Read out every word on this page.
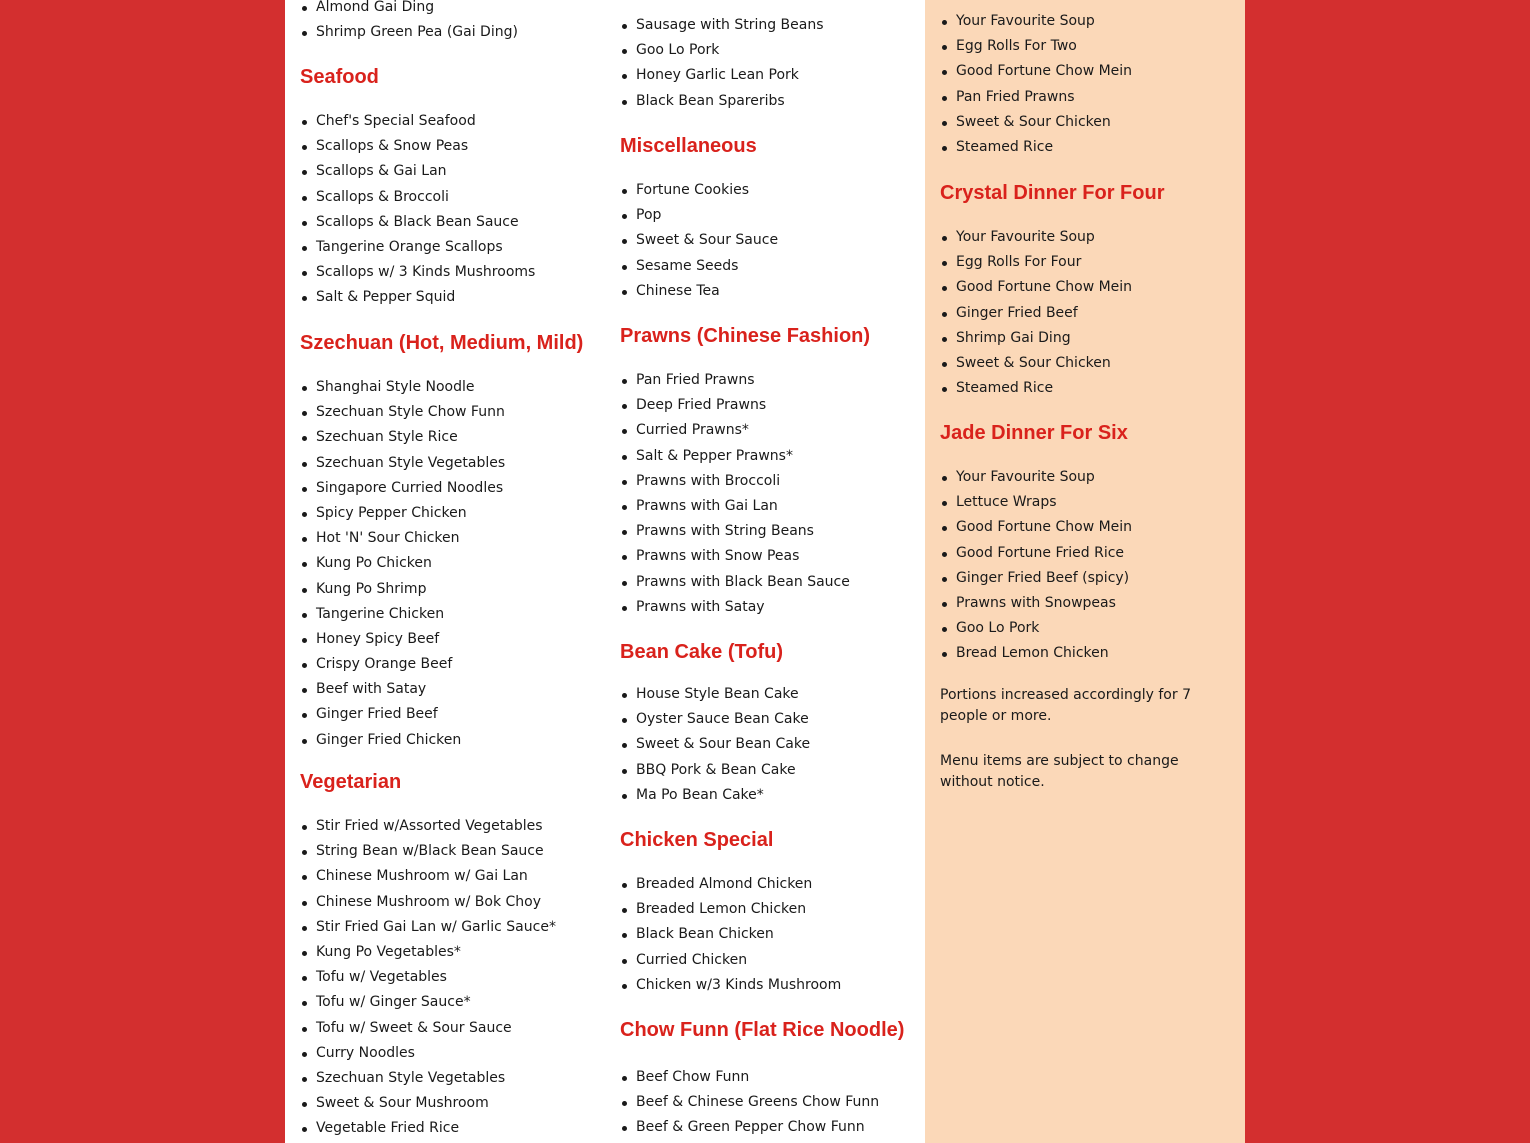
Almond Gai Ding
Shrimp Green Pea (Gai Ding)
Seafood
Chef's Special Seafood
Scallops & Snow Peas
Scallops & Gai Lan
Scallops & Broccoli
Scallops & Black Bean Sauce
Tangerine Orange Scallops
Scallops w/ 3 Kinds Mushrooms
Salt & Pepper Squid
Szechuan (Hot, Medium, Mild)
Shanghai Style Noodle
Szechuan Style Chow Funn
Szechuan Style Rice
Szechuan Style Vegetables
Singapore Curried Noodles
Spicy Pepper Chicken
Hot 'N' Sour Chicken
Kung Po Chicken
Kung Po Shrimp
Tangerine Chicken
Honey Spicy Beef
Crispy Orange Beef
Beef with Satay
Ginger Fried Beef
Ginger Fried Chicken
Vegetarian
Stir Fried w/Assorted Vegetables
String Bean w/Black Bean Sauce
Chinese Mushroom w/ Gai Lan
Chinese Mushroom w/ Bok Choy
Stir Fried Gai Lan w/ Garlic Sauce*
Kung Po Vegetables*
Tofu w/ Vegetables
Tofu w/ Ginger Sauce*
Tofu w/ Sweet & Sour Sauce
Curry Noodles
Szechuan Style Vegetables
Sweet & Sour Mushroom
Vegetable Fried Rice
Sausage with String Beans
Goo Lo Pork
Honey Garlic Lean Pork
Black Bean Spareribs
Miscellaneous
Fortune Cookies
Pop
Sweet & Sour Sauce
Sesame Seeds
Chinese Tea
Prawns (Chinese Fashion)
Pan Fried Prawns
Deep Fried Prawns
Curried Prawns*
Salt & Pepper Prawns*
Prawns with Broccoli
Prawns with Gai Lan
Prawns with String Beans
Prawns with Snow Peas
Prawns with Black Bean Sauce
Prawns with Satay
Bean Cake (Tofu)
House Style Bean Cake
Oyster Sauce Bean Cake
Sweet & Sour Bean Cake
BBQ Pork & Bean Cake
Ma Po Bean Cake*
Chicken Special
Breaded Almond Chicken
Breaded Lemon Chicken
Black Bean Chicken
Curried Chicken
Chicken w/3 Kinds Mushroom
Chow Funn (Flat Rice Noodle)
Beef Chow Funn
Beef & Chinese Greens Chow Funn
Beef & Green Pepper Chow Funn
Your Favourite Soup
Egg Rolls For Two
Good Fortune Chow Mein
Pan Fried Prawns
Sweet & Sour Chicken
Steamed Rice
Crystal Dinner For Four
Your Favourite Soup
Egg Rolls For Four
Good Fortune Chow Mein
Ginger Fried Beef
Shrimp Gai Ding
Sweet & Sour Chicken
Steamed Rice
Jade Dinner For Six
Your Favourite Soup
Lettuce Wraps
Good Fortune Chow Mein
Good Fortune Fried Rice
Ginger Fried Beef (spicy)
Prawns with Snowpeas
Goo Lo Pork
Bread Lemon Chicken

Portions increased accordingly for 7 people or more.

Menu items are subject to change without notice.
